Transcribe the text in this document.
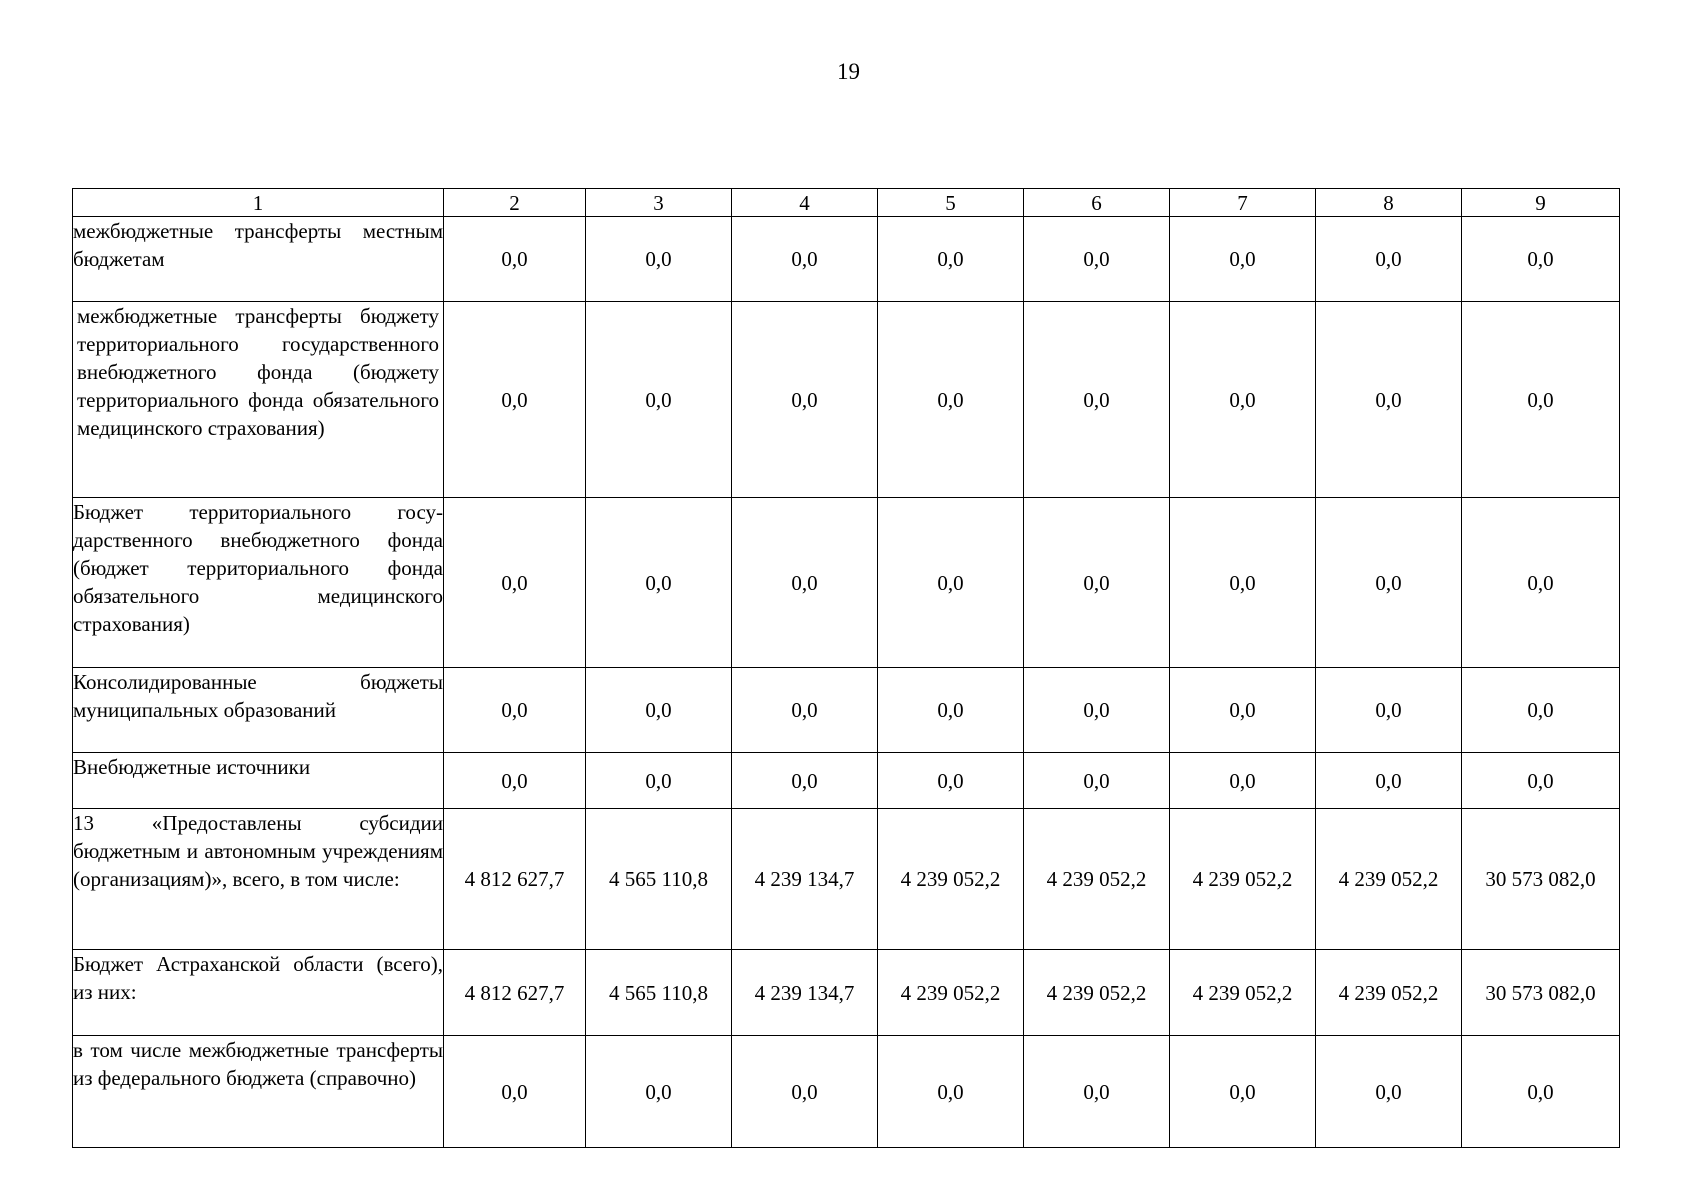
19
1	2	3	4	5	6	7	8	9
межбюджетные трансферты местным бюджетам	0,0	0,0	0,0	0,0	0,0	0,0	0,0	0,0
межбюджетные трансферты бюджету территориального государственного внебюджетного фонда (бюджету территориального фонда обязательного медицинского страхования)	0,0	0,0	0,0	0,0	0,0	0,0	0,0	0,0
Бюджет территориального государственного внебюджетного фонда (бюджет территориального фонда обязательного медицинского страхования)	0,0	0,0	0,0	0,0	0,0	0,0	0,0	0,0
Консолидированные бюджеты муниципальных образований	0,0	0,0	0,0	0,0	0,0	0,0	0,0	0,0
Внебюджетные источники	0,0	0,0	0,0	0,0	0,0	0,0	0,0	0,0
13 «Предоставлены субсидии бюджетным и автономным учреждениям (организациям)», всего, в том числе:	4 812 627,7	4 565 110,8	4 239 134,7	4 239 052,2	4 239 052,2	4 239 052,2	4 239 052,2	30 573 082,0
Бюджет Астраханской области (всего), из них:	4 812 627,7	4 565 110,8	4 239 134,7	4 239 052,2	4 239 052,2	4 239 052,2	4 239 052,2	30 573 082,0
в том числе межбюджетные трансферты из федерального бюджета (справочно)	0,0	0,0	0,0	0,0	0,0	0,0	0,0	0,0
